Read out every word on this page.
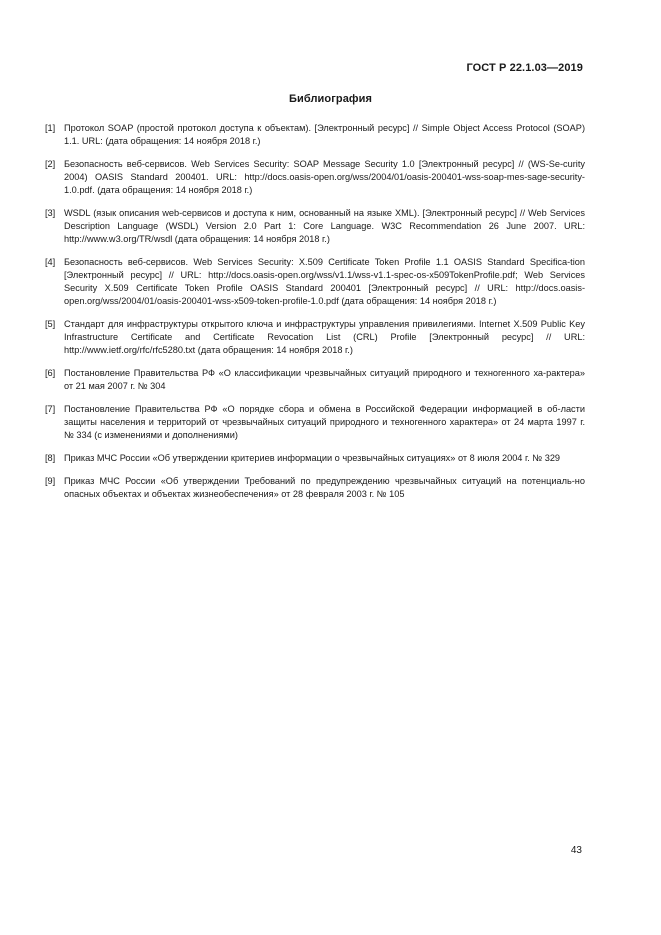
ГОСТ Р 22.1.03—2019
Библиография
[1] Протокол SOAP (простой протокол доступа к объектам). [Электронный ресурс] // Simple Object Access Protocol (SOAP) 1.1. URL: (дата обращения: 14 ноября 2018 г.)
[2] Безопасность веб-сервисов. Web Services Security: SOAP Message Security 1.0 [Электронный ресурс] // (WS-Se-curity 2004) OASIS Standard 200401. URL: http://docs.oasis-open.org/wss/2004/01/oasis-200401-wss-soap-mes-sage-security-1.0.pdf. (дата обращения: 14 ноября 2018 г.)
[3] WSDL (язык описания web-сервисов и доступа к ним, основанный на языке XML). [Электронный ресурс] // Web Services Description Language (WSDL) Version 2.0 Part 1: Core Language. W3C Recommendation 26 June 2007. URL: http://www.w3.org/TR/wsdl (дата обращения: 14 ноября 2018 г.)
[4] Безопасность веб-сервисов. Web Services Security: X.509 Certificate Token Profile 1.1 OASIS Standard Specifica-tion [Электронный ресурс] // URL: http://docs.oasis-open.org/wss/v1.1/wss-v1.1-spec-os-x509TokenProfile.pdf; Web Services Security X.509 Certificate Token Profile OASIS Standard 200401 [Электронный ресурс] // URL: http://docs.oasis-open.org/wss/2004/01/oasis-200401-wss-x509-token-profile-1.0.pdf (дата обращения: 14 ноября 2018 г.)
[5] Стандарт для инфраструктуры открытого ключа и инфраструктуры управления привилегиями. Internet X.509 Public Key Infrastructure Certificate and Certificate Revocation List (CRL) Profile [Электронный ресурс] // URL: http://www.ietf.org/rfc/rfc5280.txt (дата обращения: 14 ноября 2018 г.)
[6] Постановление Правительства РФ «О классификации чрезвычайных ситуаций природного и техногенного ха-рактера» от 21 мая 2007 г. № 304
[7] Постановление Правительства РФ «О порядке сбора и обмена в Российской Федерации информацией в об-ласти защиты населения и территорий от чрезвычайных ситуаций природного и техногенного характера» от 24 марта 1997 г. № 334 (с изменениями и дополнениями)
[8] Приказ МЧС России «Об утверждении критериев информации о чрезвычайных ситуациях» от 8 июля 2004 г. № 329
[9] Приказ МЧС России «Об утверждении Требований по предупреждению чрезвычайных ситуаций на потенциаль-но опасных объектах и объектах жизнеобеспечения» от 28 февраля 2003 г. № 105
43
